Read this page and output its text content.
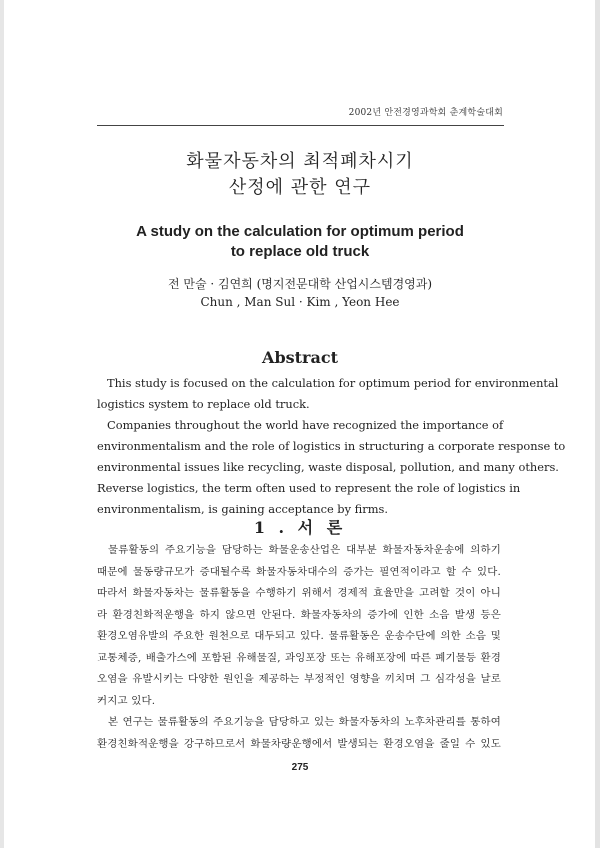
2002년 안전경영과학회 춘계학술대회
화물자동차의 최적폐차시기
산정에 관한 연구
A study on the calculation for optimum period
to replace old truck
전 만술 · 김연희 (명지전문대학 산업시스템경영과)
Chun , Man Sul · Kim , Yeon Hee
Abstract
This study is focused on the calculation for optimum period for environmental
logistics system to replace old truck.
Companies throughout the world have recognized the importance of
environmentalism and the role of logistics in structuring a corporate response to
environmental issues like recycling, waste disposal, pollution, and many others.
Reverse logistics, the term often used to represent the role of logistics in
environmentalism, is gaining acceptance by firms.
1 . 서 론
물류활동의 주요기능을 담당하는 화물운송산업은 대부분 화물자동차운송에 의하기
때문에 물동량규모가 증대될수록 화물자동차대수의 증가는 필연적이라고 할 수 있다.
따라서 화물자동차는 물류활동을 수행하기 위해서 경제적 효율만을 고려할 것이 아니
라 환경친화적운행을 하지 않으면 안된다. 화물자동차의 증가에 인한 소음 발생 등은
환경오염유발의 주요한 원천으로 대두되고 있다. 물류활동은 운송수단에 의한 소음 및
교통체증, 배출가스에 포함된 유해물질, 과잉포장 또는 유해포장에 따른 폐기물등 환경
오염을 유발시키는 다양한 원인을 제공하는 부정적인 영향을 끼치며 그 심각성을 날로
커지고 있다.
본 연구는 물류활동의 주요기능을 담당하고 있는 화물자동차의 노후차관리를 통하여
환경친화적운행을 강구하므로서 화물차량운행에서 발생되는 환경오염을 줄일 수 있도
275
